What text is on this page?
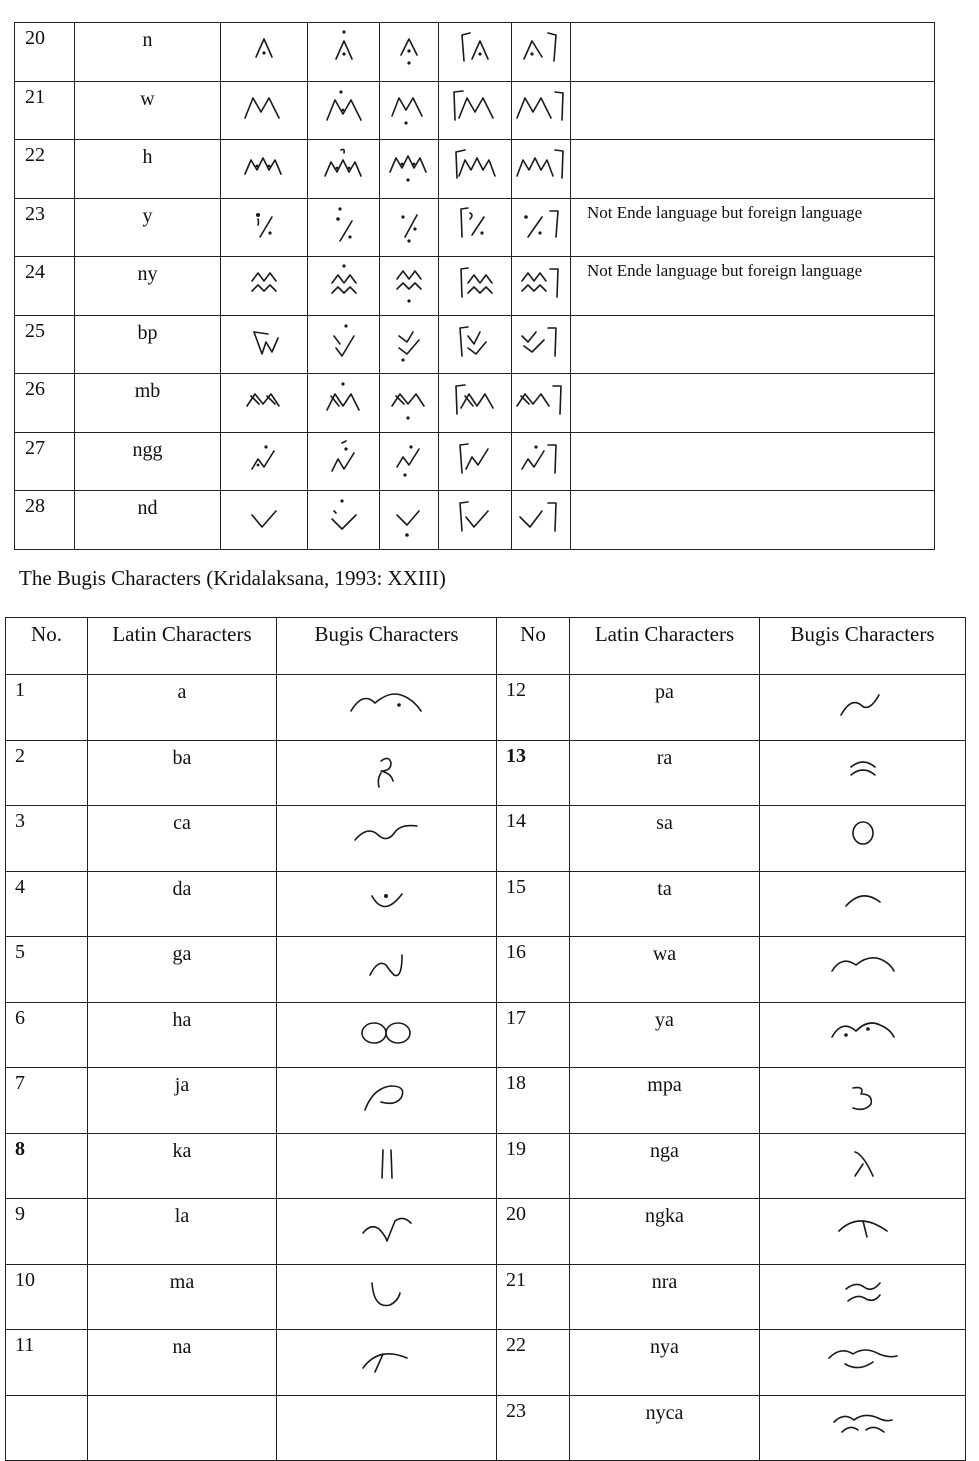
20	n	

21	w	

22	h	

23	y						Not Ende language but foreign language
24	ny						Not Ende language but foreign language
25	bp	

26	mb	

27	ngg	

28	nd	

The Bugis Characters (Kridalaksana, 1993: XXIII)
No.	Latin Characters	Bugis Characters	No	Latin Characters	Bugis Characters
1	a		12	pa	

2	ba		13	ra	

3	ca		14	sa	

4	da		15	ta	

5	ga		16	wa	

6	ha		17	ya	

7	ja		18	mpa	

8	ka		19	nga	

9	la		20	ngka	

10	ma		21	nra	

11	na		22	nya	

			23	nyca	
